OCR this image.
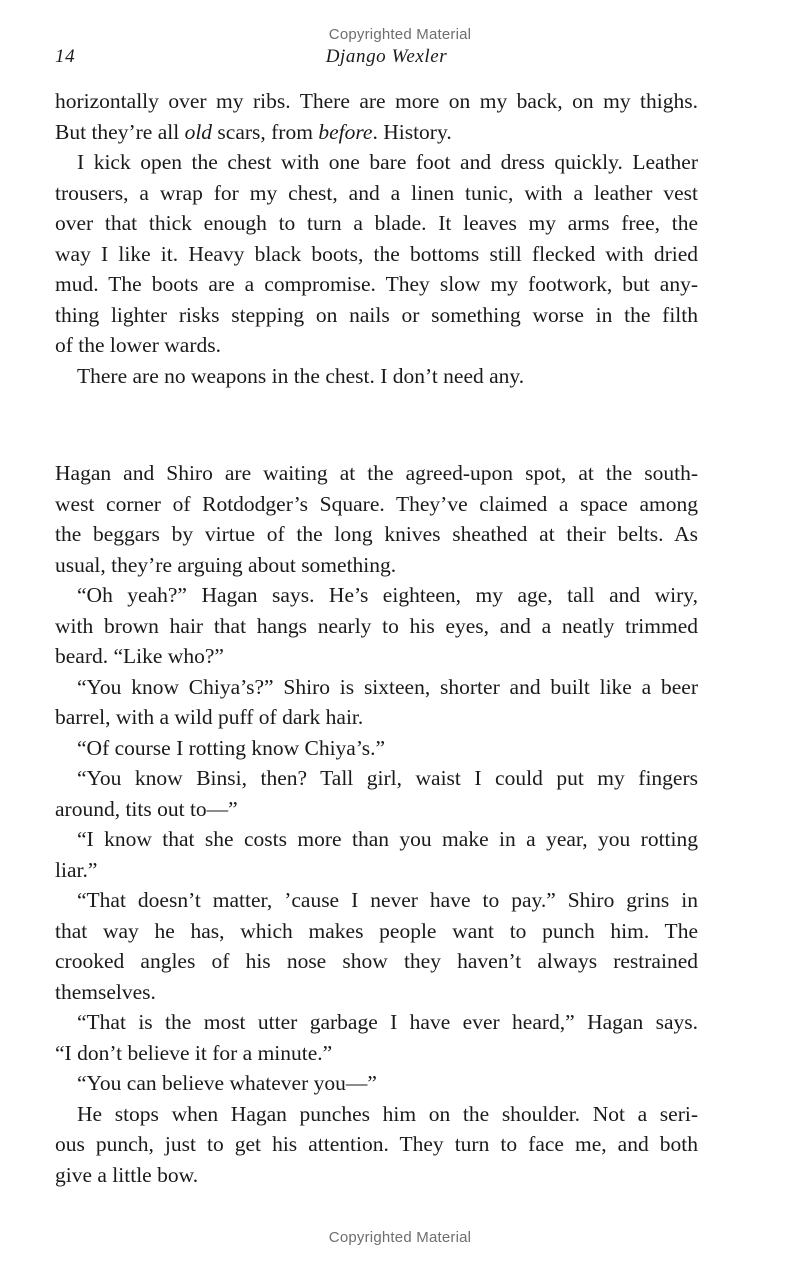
Copyrighted Material
14	Django Wexler
horizontally over my ribs. There are more on my back, on my thighs.
But they’re all old scars, from before. History.
I kick open the chest with one bare foot and dress quickly. Leather
trousers, a wrap for my chest, and a linen tunic, with a leather vest
over that thick enough to turn a blade. It leaves my arms free, the
way I like it. Heavy black boots, the bottoms still flecked with dried
mud. The boots are a compromise. They slow my footwork, but any-
thing lighter risks stepping on nails or something worse in the filth
of the lower wards.
There are no weapons in the chest. I don’t need any.
Hagan and Shiro are waiting at the agreed-upon spot, at the south-
west corner of Rotdodger’s Square. They’ve claimed a space among
the beggars by virtue of the long knives sheathed at their belts. As
usual, they’re arguing about something.
“Oh yeah?” Hagan says. He’s eighteen, my age, tall and wiry,
with brown hair that hangs nearly to his eyes, and a neatly trimmed
beard. “Like who?”
“You know Chiya’s?” Shiro is sixteen, shorter and built like a beer
barrel, with a wild puff of dark hair.
“Of course I rotting know Chiya’s.”
“You know Binsi, then? Tall girl, waist I could put my fingers
around, tits out to—”
“I know that she costs more than you make in a year, you rotting
liar.”
“That doesn’t matter, ’cause I never have to pay.” Shiro grins in
that way he has, which makes people want to punch him. The
crooked angles of his nose show they haven’t always restrained
themselves.
“That is the most utter garbage I have ever heard,” Hagan says.
“I don’t believe it for a minute.”
“You can believe whatever you—”
He stops when Hagan punches him on the shoulder. Not a seri-
ous punch, just to get his attention. They turn to face me, and both
give a little bow.
Copyrighted Material
